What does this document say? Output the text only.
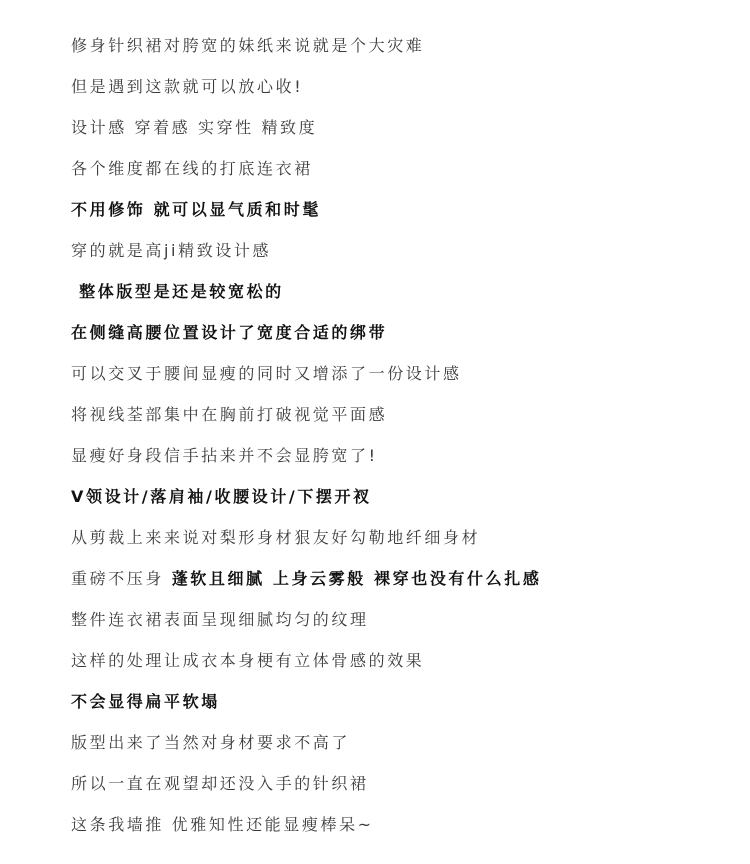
修身针织裙对胯宽的妹纸来说就是个大灾难
但是遇到这款就可以放心收!
设计感 穿着感 实穿性 精致度
各个维度都在线的打底连衣裙
不用修饰 就可以显气质和时髦
穿的就是高ji精致设计感
整体版型是还是较宽松的
在侧缝高腰位置设计了宽度合适的绑带
可以交叉于腰间显瘦的同时又增添了一份设计感
将视线荃部集中在胸前打破视觉平面感
显瘦好身段信手拈来并不会显胯宽了!
V领设计/落肩袖/收腰设计/下摆开衩
从剪裁上来来说对梨形身材狠友好勾勒地纤细身材
重磅不压身 蓬软且细腻 上身云雾般 裸穿也没有什么扎感
整件连衣裙表面呈现细腻均匀的纹理
这样的处理让成衣本身梗有立体骨感的效果
不会显得扁平软塌
版型出来了当然对身材要求不高了
所以一直在观望却还没入手的针织裙
这条我墙推 优雅知性还能显瘦棒呆~
